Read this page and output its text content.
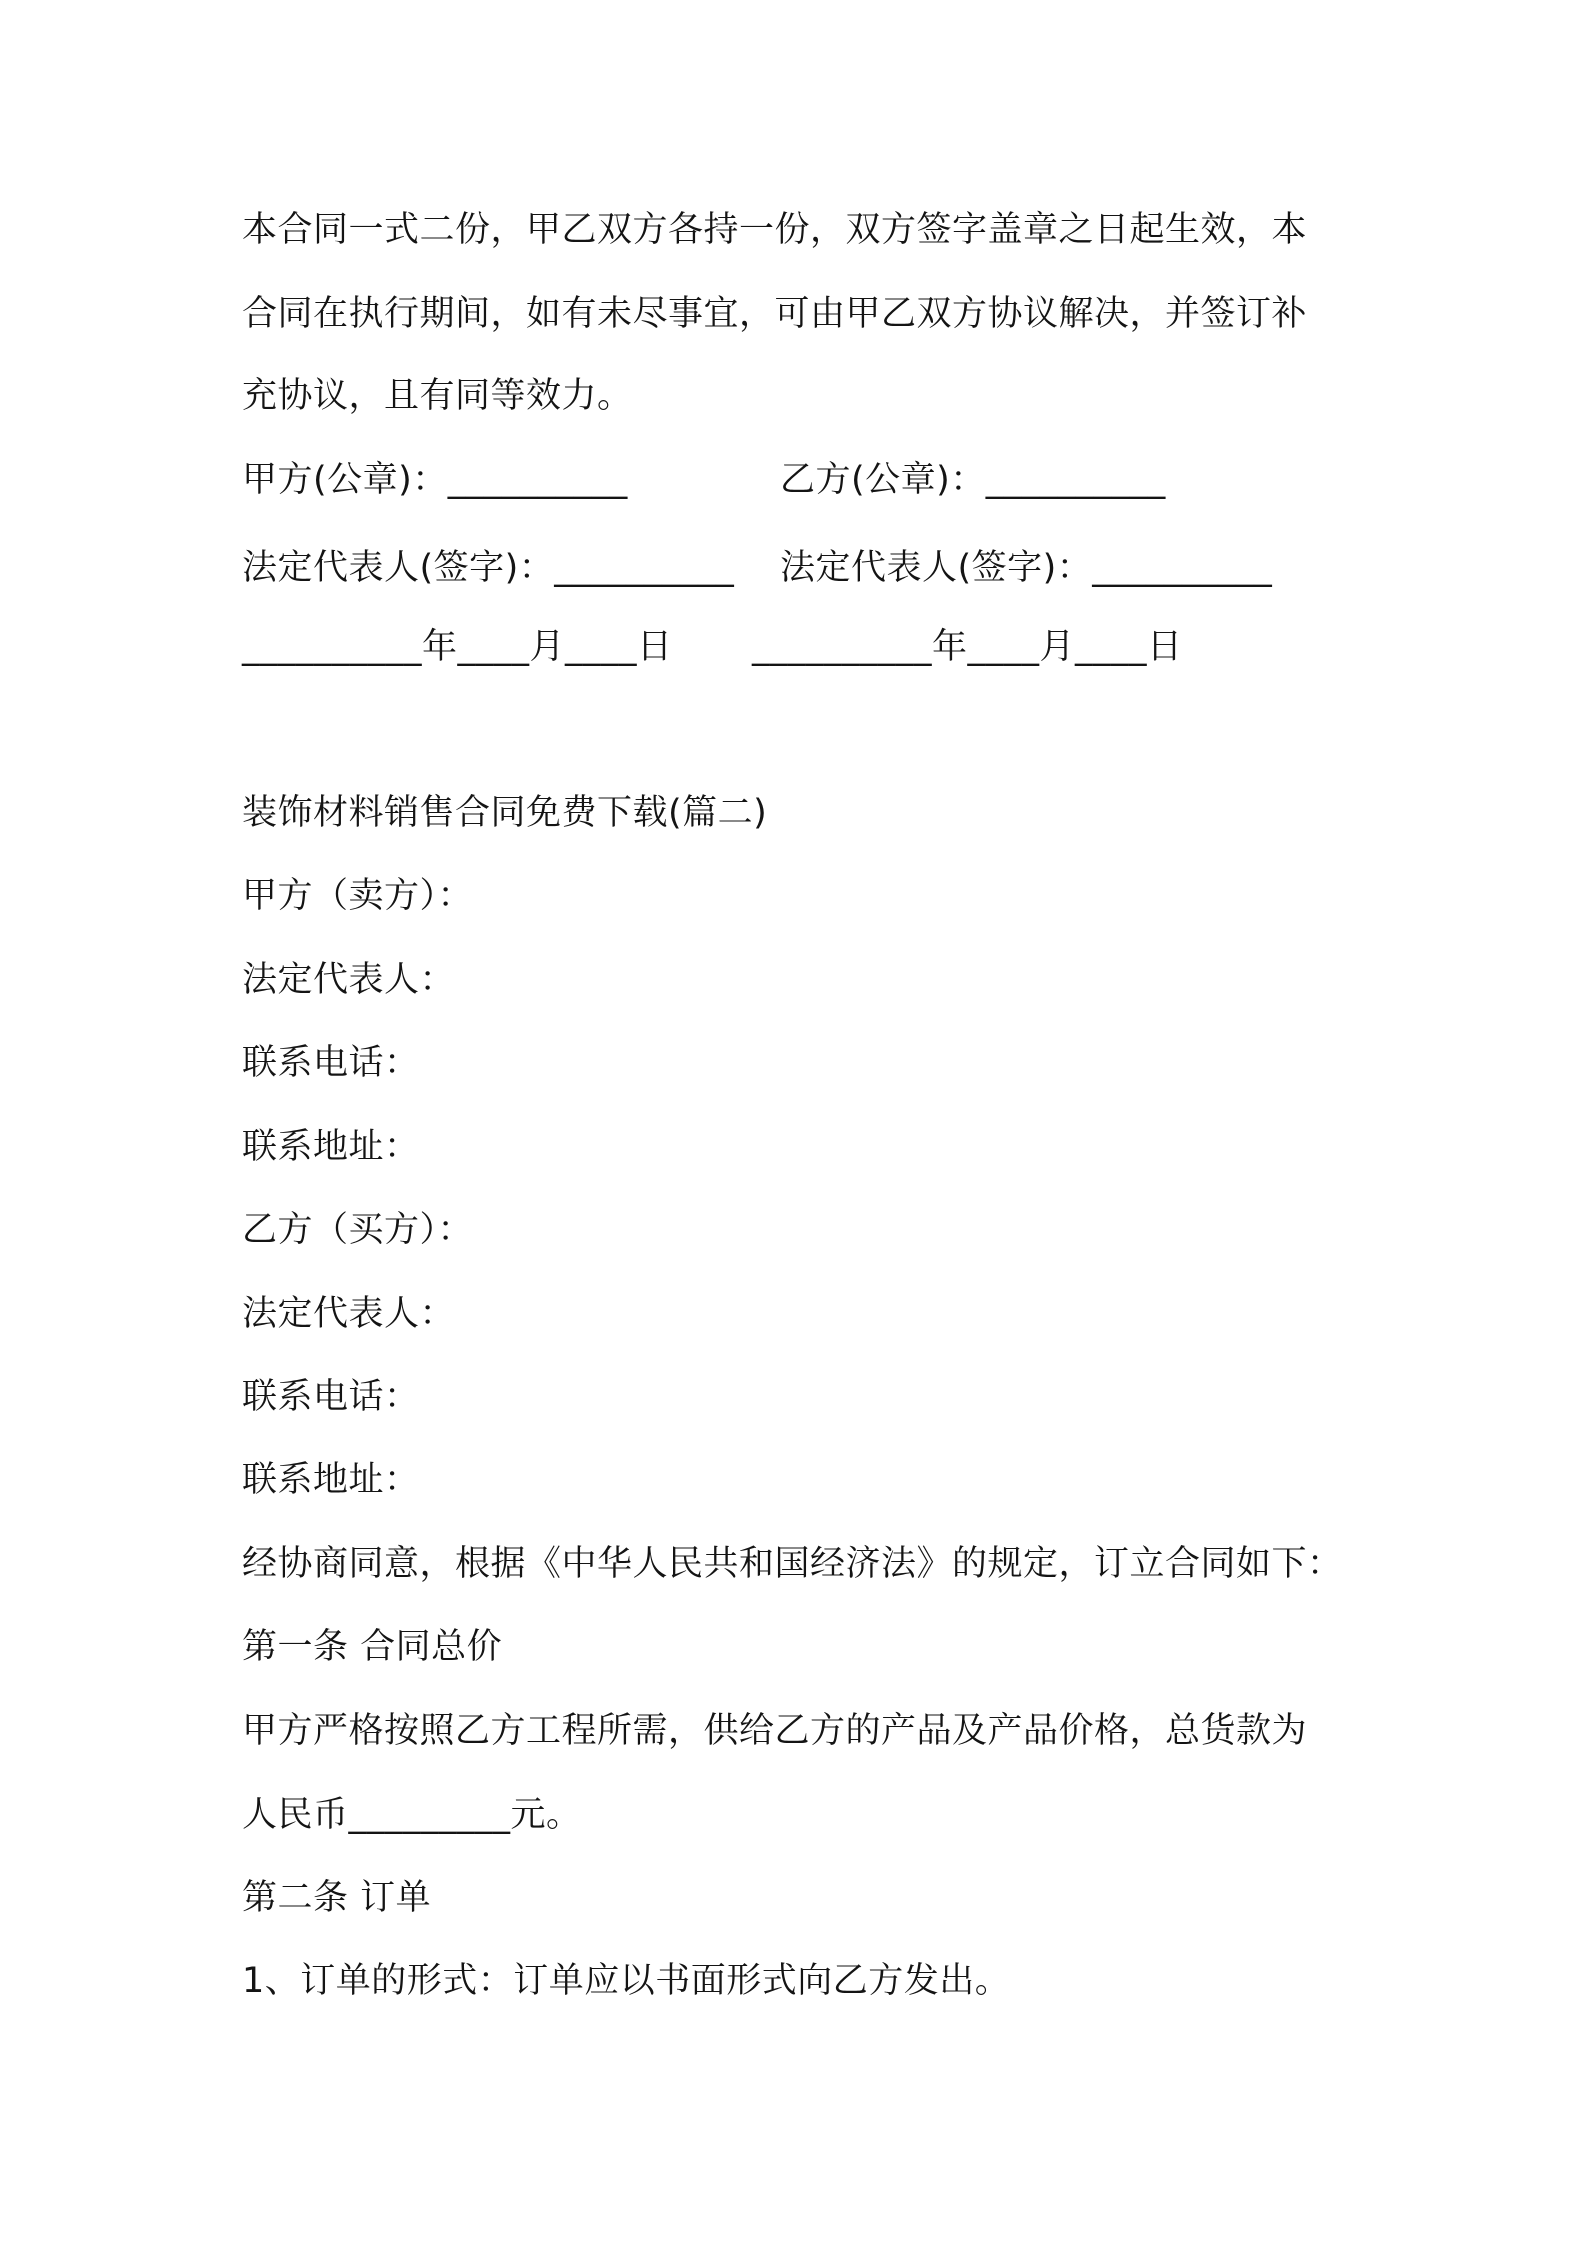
本合同一式二份，甲乙双方各持一份，双方签字盖章之日起生效，本
合同在执行期间，如有未尽事宜，可由甲乙双方协议解决，并签订补
充协议，且有同等效力。
甲方(公章)：__________	乙方(公章)：__________
法定代表人(签字)：__________ 法定代表人(签字)：__________
__________年____月____日 __________年____月____日
装饰材料销售合同免费下载(篇二)
甲方（卖方）：
法定代表人：
联系电话：
联系地址：
乙方（买方）：
法定代表人：
联系电话：
联系地址：
经协商同意，根据《中华人民共和国经济法》的规定，订立合同如下：
第一条 合同总价
甲方严格按照乙方工程所需，供给乙方的产品及产品价格，总货款为
人民币_________元。
第二条 订单
1、订单的形式：订单应以书面形式向乙方发出。
